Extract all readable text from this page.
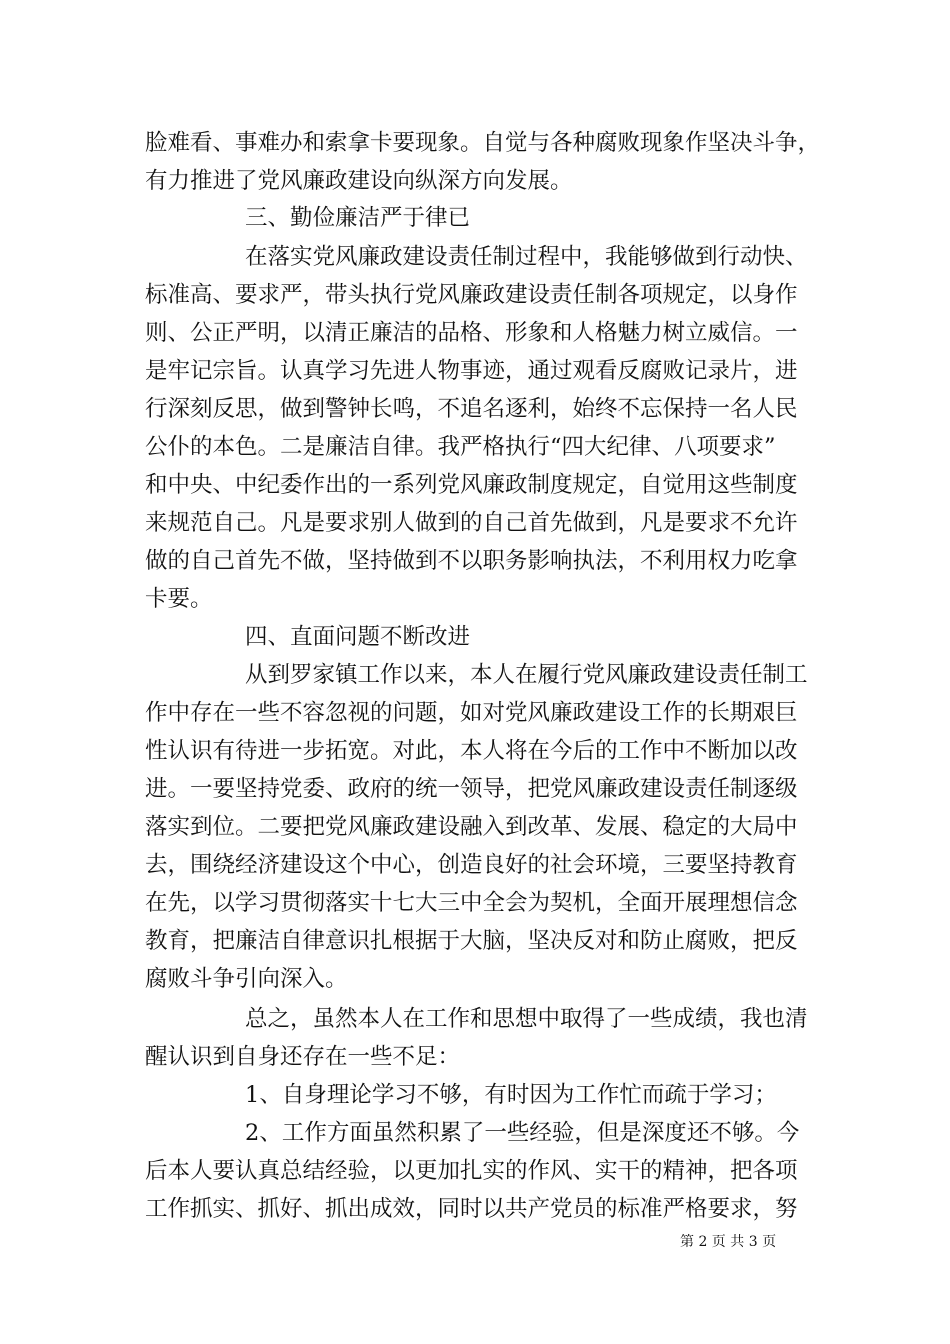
脸难看、事难办和索拿卡要现象。自觉与各种腐败现象作坚决斗争，
有力推进了党风廉政建设向纵深方向发展。
三、勤俭廉洁严于律已
在落实党风廉政建设责任制过程中，我能够做到行动快、
标准高、要求严，带头执行党风廉政建设责任制各项规定，以身作
则、公正严明，以清正廉洁的品格、形象和人格魅力树立威信。一
是牢记宗旨。认真学习先进人物事迹，通过观看反腐败记录片，进
行深刻反思，做到警钟长鸣，不追名逐利，始终不忘保持一名人民
公仆的本色。二是廉洁自律。我严格执行“四大纪律、八项要求”
和中央、中纪委作出的一系列党风廉政制度规定，自觉用这些制度
来规范自己。凡是要求别人做到的自己首先做到，凡是要求不允许
做的自己首先不做，坚持做到不以职务影响执法，不利用权力吃拿
卡要。
四、直面问题不断改进
从到罗家镇工作以来，本人在履行党风廉政建设责任制工
作中存在一些不容忽视的问题，如对党风廉政建设工作的长期艰巨
性认识有待进一步拓宽。对此，本人将在今后的工作中不断加以改
进。一要坚持党委、政府的统一领导，把党风廉政建设责任制逐级
落实到位。二要把党风廉政建设融入到改革、发展、稳定的大局中
去，围绕经济建设这个中心，创造良好的社会环境，三要坚持教育
在先，以学习贯彻落实十七大三中全会为契机，全面开展理想信念
教育，把廉洁自律意识扎根据于大脑，坚决反对和防止腐败，把反
腐败斗争引向深入。
总之，虽然本人在工作和思想中取得了一些成绩，我也清
醒认识到自身还存在一些不足：
1、自身理论学习不够，有时因为工作忙而疏于学习；
2、工作方面虽然积累了一些经验，但是深度还不够。今
后本人要认真总结经验，以更加扎实的作风、实干的精神，把各项
工作抓实、抓好、抓出成效，同时以共产党员的标准严格要求，努
第 2 页 共 3 页
